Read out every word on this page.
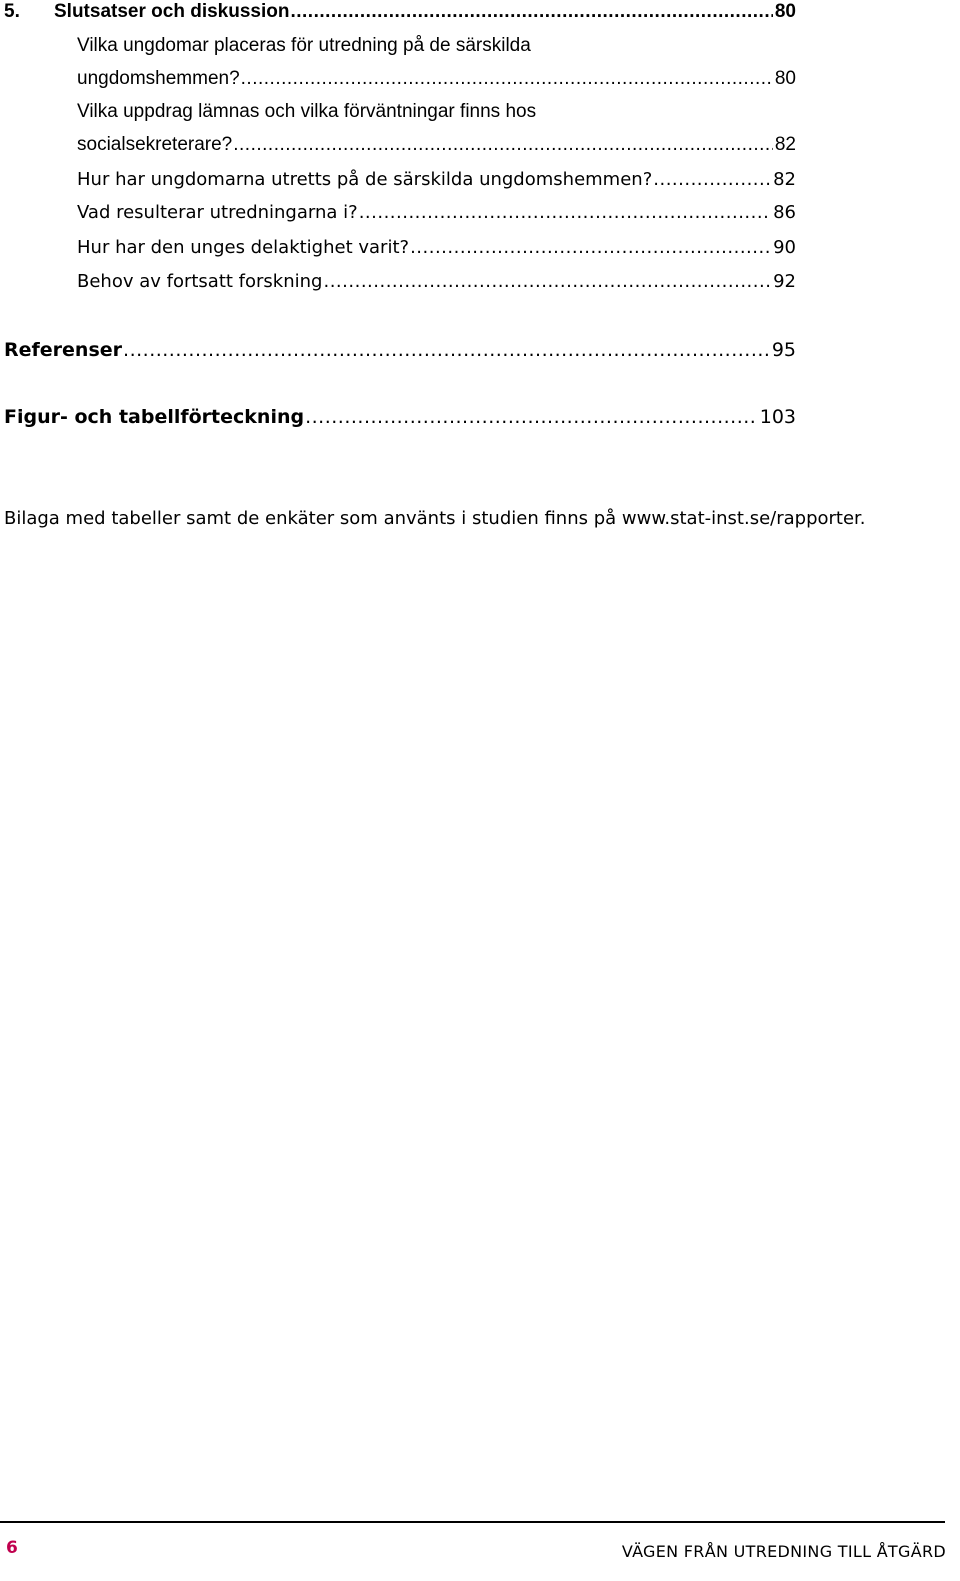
5. Slutsatser och diskussion .....	80
Vilka ungdomar placeras för utredning på de särskilda
ungdomshemmen? .....	80
Vilka uppdrag lämnas och vilka förväntningar finns hos
socialsekreterare? .....	82
Hur har ungdomarna utretts på de särskilda ungdomshemmen? .....	82
Vad resulterar utredningarna i? .....	86
Hur har den unges delaktighet varit? .....	90
Behov av fortsatt forskning .....	92
Referenser .....	95
Figur- och tabellförteckning .....	103
Bilaga med tabeller samt de enkäter som använts i studien finns på www.stat-inst.se/rapporter.
6	VÄGEN FRÅN UTREDNING TILL ÅTGÄRD
